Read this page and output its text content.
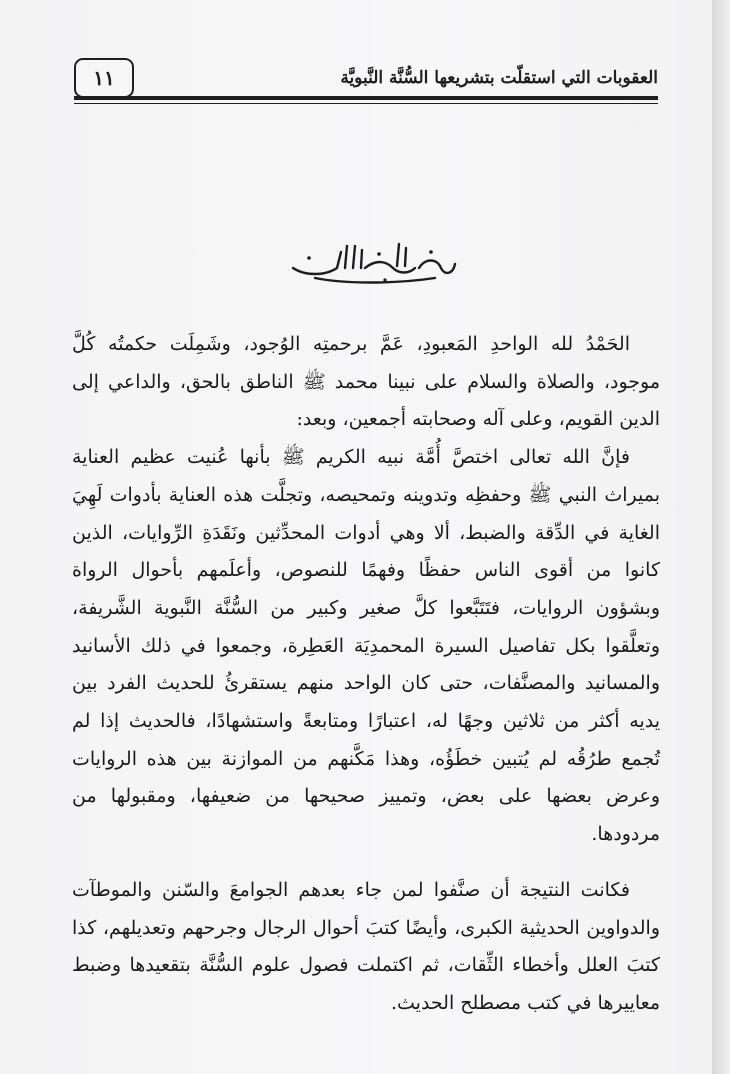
العقوبات التي استقلّت بتشريعها السُّنَّة النَّبويَّة
١١

الحَمْدُ لله الواحدِ المَعبودِ، عَمَّ برحمتِه الوُجود، وشَمِلَت حكمتُه كُلَّ موجود، والصلاة والسلام على نبينا محمد ﷺ الناطق بالحق، والداعي إلى الدين القويم، وعلى آله وصحابته أجمعين، وبعد:

فإنَّ الله تعالى اختصَّ أُمَّة نبيه الكريم ﷺ بأنها عُنيت عظيم العناية بميراث النبي ﷺ وحفظِه وتدوينه وتمحيصه، وتجلَّت هذه العناية بأدوات لَهِيَ الغاية في الدِّقة والضبط، ألا وهي أدوات المحدِّثين ونَقَدَةِ الرِّوايات، الذين كانوا من أقوى الناس حفظًا وفهمًا للنصوص، وأعلَمهم بأحوال الرواة وبشؤون الروايات، فتَتَبَّعوا كلَّ صغير وكبير من السُّنَّة النَّبوية الشَّريفة، وتعلَّقوا بكل تفاصيل السيرة المحمدِيَة العَطِرة، وجمعوا في ذلك الأسانيد والمسانيد والمصنَّفات، حتى كان الواحد منهم يستقرئُ للحديث الفرد بين يديه أكثر من ثلاثين وجهًا له، اعتبارًا ومتابعةً واستشهادًا، فالحديث إذا لم تُجمع طرُقُه لم يُتبين خطَؤُه، وهذا مَكَّنهم من الموازنة بين هذه الروايات وعرض بعضها على بعض، وتمييز صحيحها من ضعيفها، ومقبولها من مردودها.

فكانت النتيجة أن صنَّفوا لمن جاء بعدهم الجوامعَ والسّنن والموطآت والدواوين الحديثية الكبرى، وأيضًا كتبَ أحوال الرجال وجرحهم وتعديلهم، كذا كتبَ العلل وأخطاء الثِّقات، ثم اكتملت فصول علوم السُّنَّة بتقعيدها وضبط معاييرها في كتب مصطلح الحديث.
